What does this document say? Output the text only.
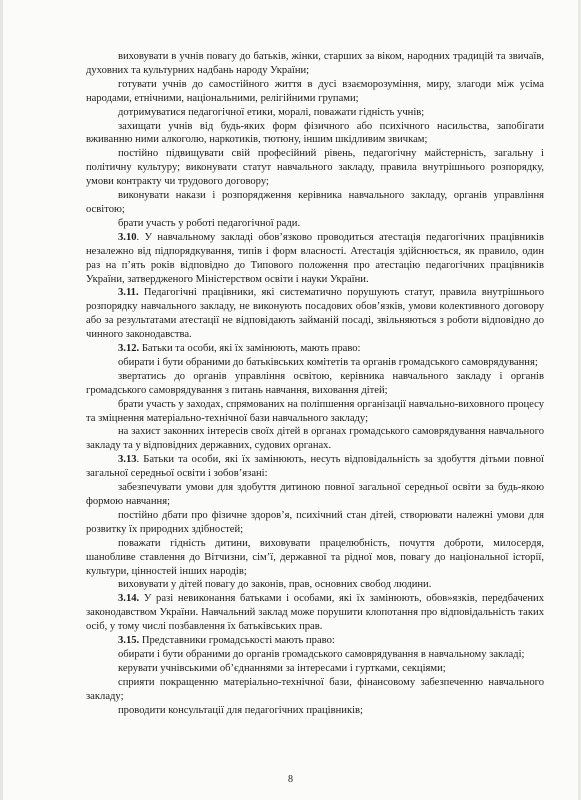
виховувати в учнів повагу до батьків, жінки, старших за віком, народних традицій та звичаїв, духовних та культурних надбань народу України;

готувати учнів до самостійного життя в дусі взаєморозуміння, миру, злагоди між усіма народами, етнічними, національними, релігійними групами;

дотримуватися педагогічної етики, моралі, поважати гідність учнів;

захищати учнів від будь-яких форм фізичного або психічного насильства, запобігати вживанню ними алкоголю, наркотиків, тютюну, іншим шкідливим звичкам;

постійно підвищувати свій професійний рівень, педагогічну майстерність, загальну і політичну культуру; виконувати статут навчального закладу, правила внутрішнього розпорядку, умови контракту чи трудового договору;

виконувати накази і розпорядження керівника навчального закладу, органів управління освітою;

брати участь у роботі педагогічної ради.

3.10. У навчальному закладі обов’язково проводиться атестація педагогічних працівників незалежно від підпорядкування, типів і форм власності. Атестація здійснюється, як правило, один раз на п’ять років відповідно до Типового положення про атестацію педагогічних працівників України, затвердженого Міністерством освіти і науки України.

3.11. Педагогічні працівники, які систематично порушують статут, правила внутрішнього розпорядку навчального закладу, не виконують посадових обов’язків, умови колективного договору або за результатами атестації не відповідають займаній посаді, звільняються з роботи відповідно до чинного законодавства.

3.12. Батьки та особи, які їх замінюють, мають право:

обирати і бути обраними до батьківських комітетів та органів громадського самоврядування;

звертатись до органів управління освітою, керівника навчального закладу і органів громадського самоврядування з питань навчання, виховання дітей;

брати участь у заходах, спрямованих на поліпшення організації навчально-виховного процесу та зміцнення матеріально-технічної бази навчального закладу;

на захист законних інтересів своїх дітей в органах громадського самоврядування навчального закладу та у відповідних державних, судових органах.

3.13. Батьки та особи, які їх замінюють, несуть відповідальність за здобуття дітьми повної загальної середньої освіти і зобов’язані:

забезпечувати умови для здобуття дитиною повної загальної середньої освіти за будь-якою формою навчання;

постійно дбати про фізичне здоров’я, психічний стан дітей, створювати належні умови для розвитку їх природних здібностей;

поважати гідність дитини, виховувати працелюбність, почуття доброти, милосердя, шанобливе ставлення до Вітчизни, сім’ї, державної та рідної мов, повагу до національної історії, культури, цінностей інших народів;

виховувати у дітей повагу до законів, прав, основних свобод людини.

3.14. У разі невиконання батьками і особами, які їх замінюють, обов»язків, передбачених законодавством України. Навчальний заклад може порушити клопотання про відповідальність таких осіб, у тому числі позбавлення їх батьківських прав.

3.15. Представники громадськості мають право:

обирати і бути обраними до органів громадського самоврядування в навчальному закладі;

керувати учнівськими об’єднаннями за інтересами і гуртками, секціями;

сприяти покращенню матеріально-технічної бази, фінансовому забезпеченню навчального закладу;

проводити консультації для педагогічних працівників;

8
